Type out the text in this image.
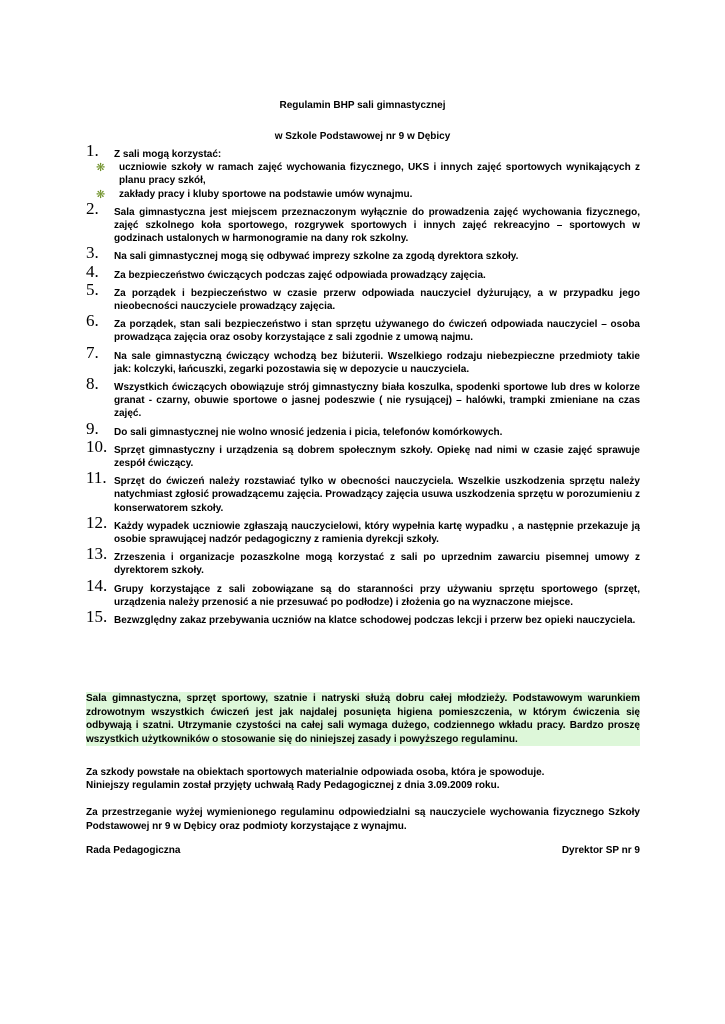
Regulamin BHP sali gimnastycznej
w Szkole Podstawowej nr 9 w Dębicy
1. Z sali mogą korzystać:
❋ uczniowie szkoły w ramach zajęć wychowania fizycznego, UKS i innych zajęć sportowych wynikających z planu pracy szkół,
❋ zakłady pracy i kluby sportowe na podstawie umów wynajmu.
2. Sala gimnastyczna jest miejscem przeznaczonym wyłącznie do prowadzenia zajęć wychowania fizycznego, zajęć szkolnego koła sportowego, rozgrywek sportowych i innych zajęć rekreacyjno – sportowych w godzinach ustalonych w harmonogramie na dany rok szkolny.
3. Na sali gimnastycznej mogą się odbywać imprezy szkolne za zgodą dyrektora szkoły.
4. Za bezpieczeństwo ćwiczących podczas zajęć odpowiada prowadzący zajęcia.
5. Za porządek i bezpieczeństwo w czasie przerw odpowiada nauczyciel dyżurujący, a w przypadku jego nieobecności nauczyciele prowadzący zajęcia.
6. Za porządek, stan sali bezpieczeństwo i stan sprzętu używanego do ćwiczeń odpowiada nauczyciel – osoba prowadząca zajęcia oraz osoby korzystające z sali zgodnie z umową najmu.
7. Na sale gimnastyczną ćwiczący wchodzą bez biżuterii. Wszelkiego rodzaju niebezpieczne przedmioty takie jak: kolczyki, łańcuszki, zegarki pozostawia się w depozycie u nauczyciela.
8. Wszystkich ćwiczących obowiązuje strój gimnastyczny biała koszulka, spodenki sportowe lub dres w kolorze granat - czarny, obuwie sportowe o jasnej podeszwie ( nie rysującej) – halówki, trampki zmieniane na czas zajęć.
9. Do sali gimnastycznej nie wolno wnosić jedzenia i picia, telefonów komórkowych.
10. Sprzęt gimnastyczny i urządzenia są dobrem społecznym szkoły. Opiekę nad nimi w czasie zajęć sprawuje zespół ćwiczący.
11. Sprzęt do ćwiczeń należy rozstawiać tylko w obecności nauczyciela. Wszelkie uszkodzenia sprzętu należy natychmiast zgłosić prowadzącemu zajęcia. Prowadzący zajęcia usuwa uszkodzenia sprzętu w porozumieniu z konserwatorem szkoły.
12. Każdy wypadek uczniowie zgłaszają nauczycielowi, który wypełnia kartę wypadku , a następnie przekazuje ją osobie sprawującej nadzór pedagogiczny z ramienia dyrekcji szkoły.
13. Zrzeszenia i organizacje pozaszkolne mogą korzystać z sali po uprzednim zawarciu pisemnej umowy z dyrektorem szkoły.
14. Grupy korzystające z sali zobowiązane są do staranności przy używaniu sprzętu sportowego (sprzęt, urządzenia należy przenosić a nie przesuwać po podłodze) i złożenia go na wyznaczone miejsce.
15. Bezwzględny zakaz przebywania uczniów na klatce schodowej podczas lekcji i przerw bez opieki nauczyciela.
Sala gimnastyczna, sprzęt sportowy, szatnie i natryski służą dobru całej młodzieży. Podstawowym warunkiem zdrowotnym wszystkich ćwiczeń jest jak najdalej posunięta higiena pomieszczenia, w którym ćwiczenia się odbywają i szatni. Utrzymanie czystości na całej sali wymaga dużego, codziennego wkładu pracy. Bardzo proszę wszystkich użytkowników o stosowanie się do niniejszej zasady i powyższego regulaminu.
Za szkody powstałe na obiektach sportowych materialnie odpowiada osoba, która je spowoduje.
Niniejszy regulamin został przyjęty uchwałą Rady Pedagogicznej z dnia 3.09.2009 roku.
Za przestrzeganie wyżej wymienionego regulaminu odpowiedzialni są nauczyciele wychowania fizycznego Szkoły Podstawowej nr 9 w Dębicy oraz podmioty korzystające z wynajmu.
Rada Pedagogiczna	Dyrektor SP nr 9
